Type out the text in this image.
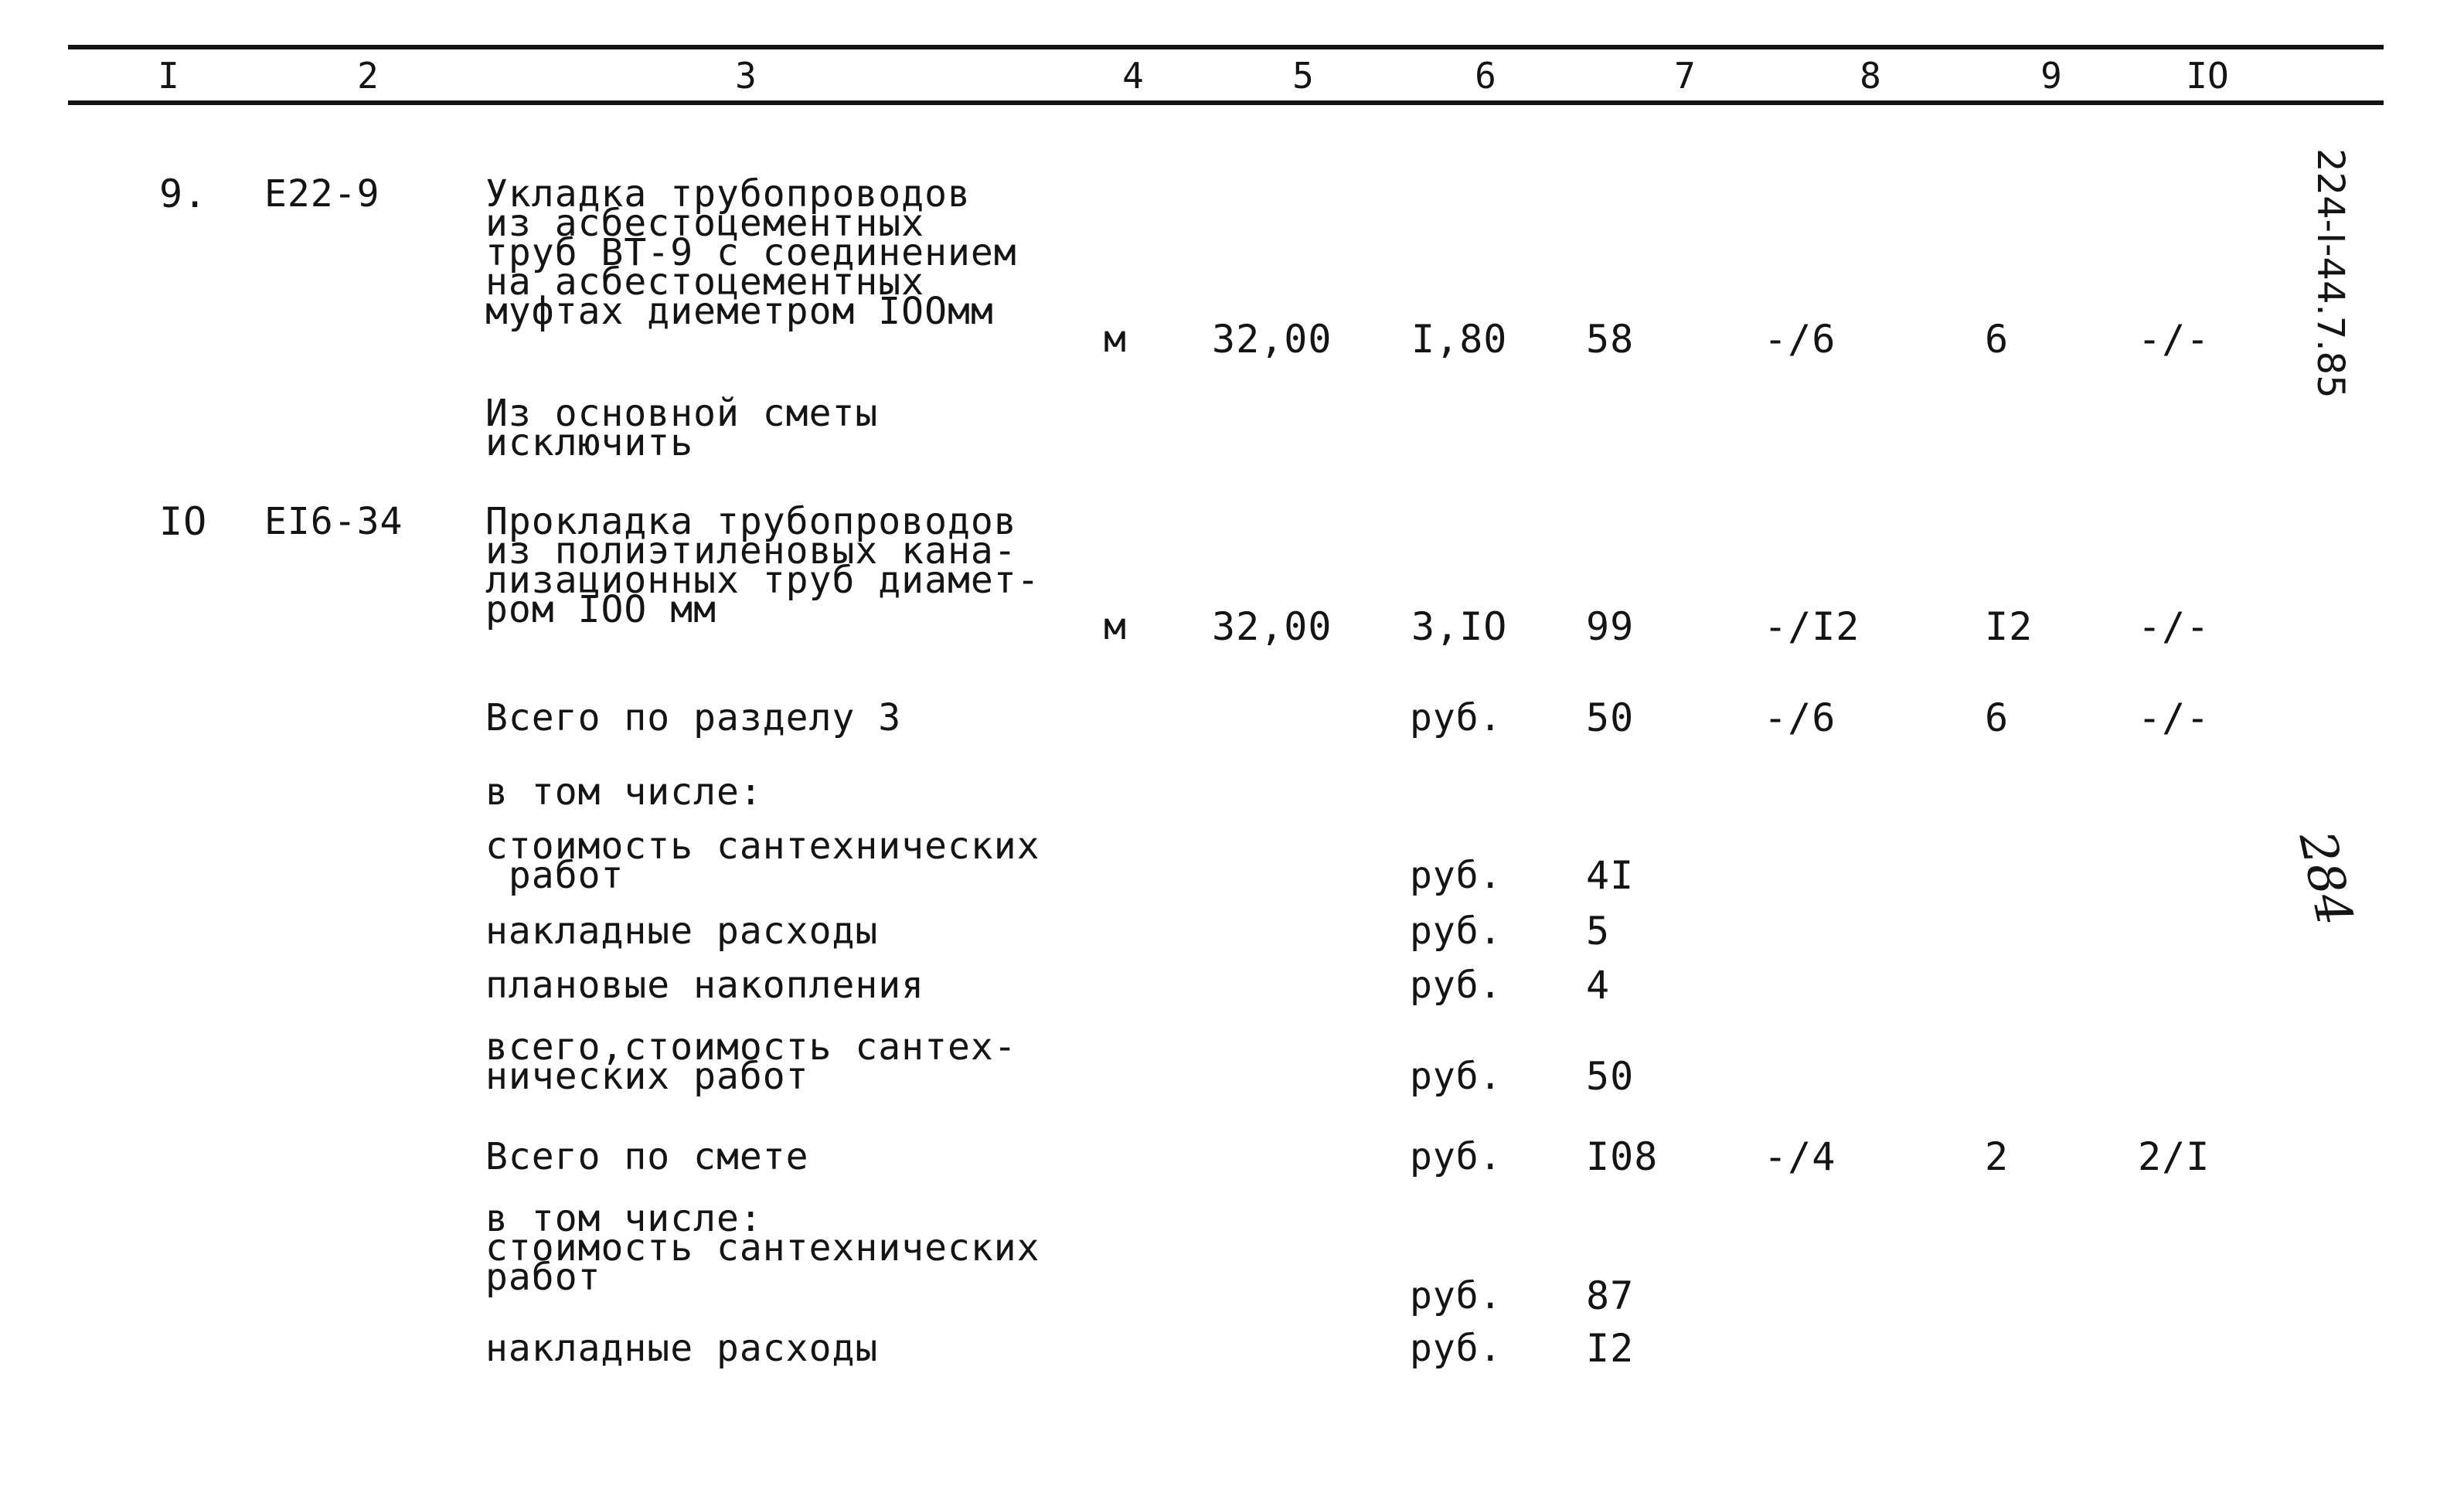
I	2	3	4	5	6	7	8	9	IO
9. E22-9	Укладка трубопроводов
из асбестоцементных
труб ВТ-9 с соединением
на асбестоцементных
муфтах диеметром IOOмм
м 32,00 I,80 58	-/6	6	-/-
Из основной сметы
исключить
IO EI6-34 Прокладка трубопроводов
из полиэтиленовых кана-
лизационных труб диамет-
ром IOO мм	м 32,00 3,IO 99	-/I2	I2	-/-
Всего по разделу 3	руб. 50	-/6	6	-/-
в том числе:
стоимость сантехнических
работ	руб. 4I
накладные расходы	руб. 5
плановые накопления	руб. 4
всего,стоимость сантех-
нических работ	руб. 50
Всего по смете	руб. I08	-/4	2	2/I
в том числе:
стоимость сантехнических
работ	руб. 87
накладные расходы	руб. I2
224-I-44.7.85
284
